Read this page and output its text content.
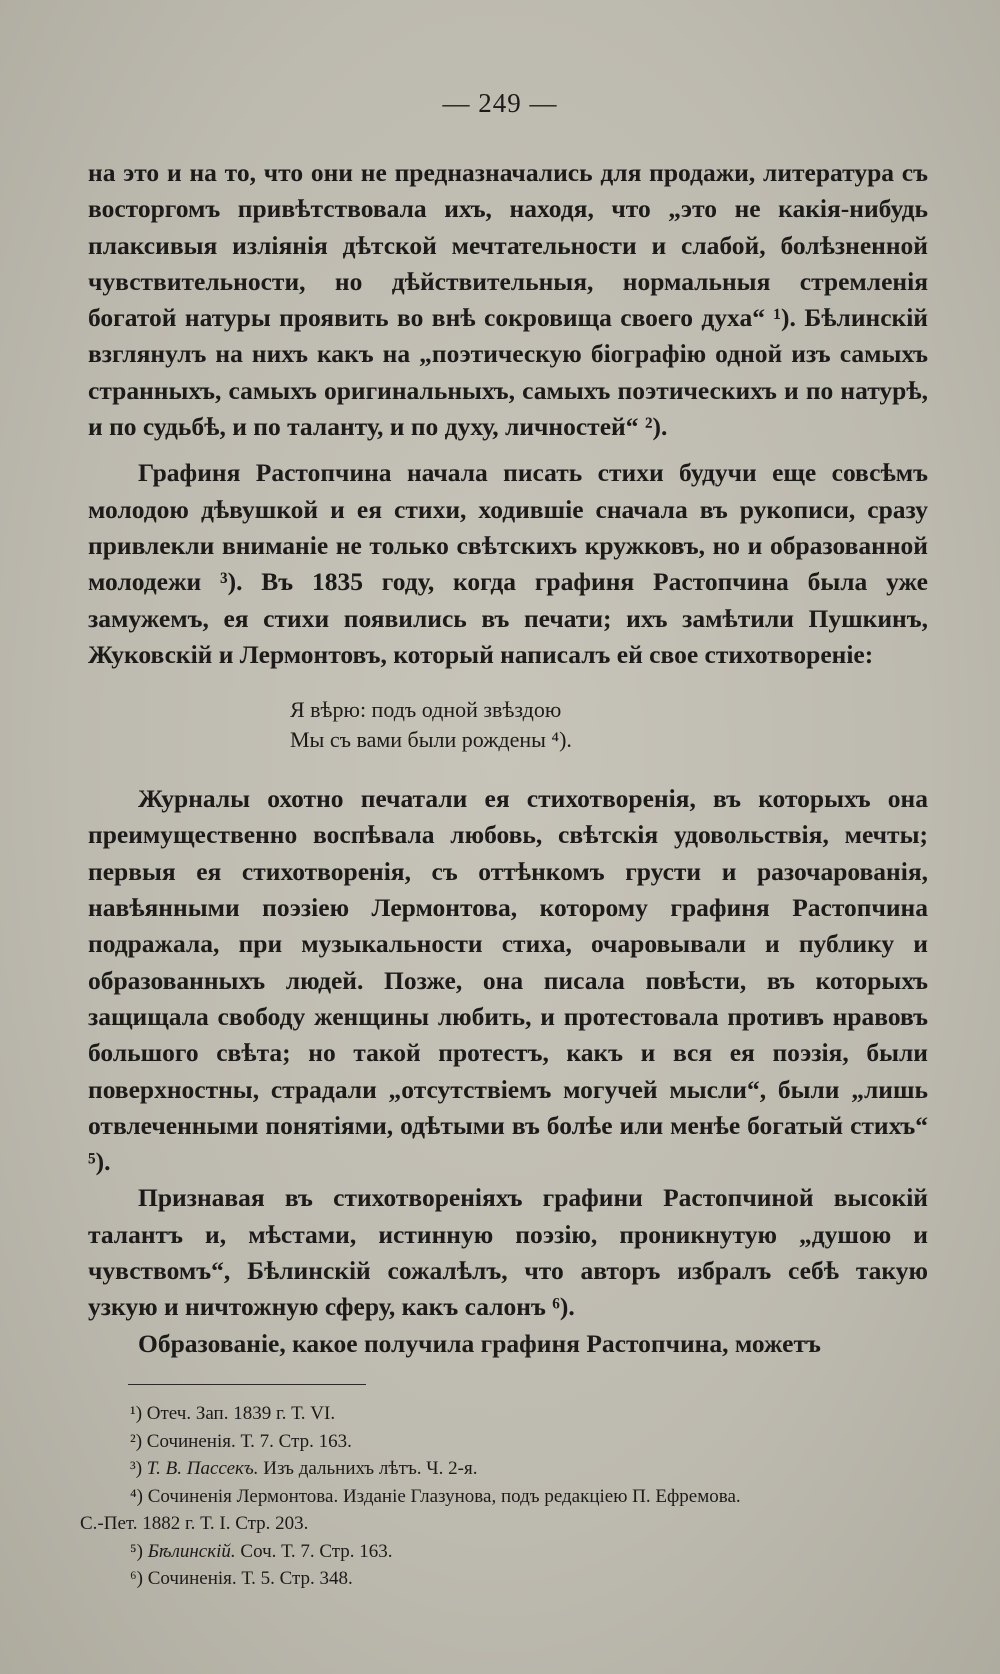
— 249 —

на это и на то, что они не предназначались для продажи, литература съ восторгомъ привѣтствовала ихъ, находя, что „это не какія-нибудь плаксивыя изліянія дѣтской мечтательности и слабой, болѣзненной чувствительности, но дѣйствительныя, нормальныя стремленія богатой натуры проявить во внѣ сокровища своего духа“ ¹). Бѣлинскій взглянулъ на нихъ какъ на „поэтическую біографію одной изъ самыхъ странныхъ, самыхъ оригинальныхъ, самыхъ поэтическихъ и по натурѣ, и по судьбѣ, и по таланту, и по духу, личностей“ ²).

Графиня Растопчина начала писать стихи будучи еще совсѣмъ молодою дѣвушкой и ея стихи, ходившіе сначала въ рукописи, сразу привлекли вниманіе не только свѣтскихъ кружковъ, но и образованной молодежи ³). Въ 1835 году, когда графиня Растопчина была уже замужемъ, ея стихи появились въ печати; ихъ замѣтили Пушкинъ, Жуковскій и Лермонтовъ, который написалъ ей свое стихотвореніе:

Я вѣрю: подъ одной звѣздою
Мы съ вами были рождены ⁴).

Журналы охотно печатали ея стихотворенія, въ которыхъ она преимущественно воспѣвала любовь, свѣтскія удовольствія, мечты; первыя ея стихотворенія, съ оттѣнкомъ грусти и разочарованія, навѣянными поэзіею Лермонтова, которому графиня Растопчина подражала, при музыкальности стиха, очаровывали и публику и образованныхъ людей. Позже, она писала повѣсти, въ которыхъ защищала свободу женщины любить, и протестовала противъ нравовъ большого свѣта; но такой протестъ, какъ и вся ея поэзія, были поверхностны, страдали „отсутствіемъ могучей мысли“, были „лишь отвлеченными понятіями, одѣтыми въ болѣе или менѣе богатый стихъ“ ⁵).

Признавая въ стихотвореніяхъ графини Растопчиной высокій талантъ и, мѣстами, истинную поэзію, проникнутую „душою и чувствомъ“, Бѣлинскій сожалѣлъ, что авторъ избралъ себѣ такую узкую и ничтожную сферу, какъ салонъ ⁶).

Образованіе, какое получила графиня Растопчина, можетъ

¹) Отеч. Зап. 1839 г. Т. VI.
²) Сочиненія. Т. 7. Стр. 163.
³) Т. В. Пассекъ. Изъ дальнихъ лѣтъ. Ч. 2-я.
⁴) Сочиненія Лермонтова. Изданіе Глазунова, подъ редакціею П. Ефремова.
С.-Пет. 1882 г. Т. I. Стр. 203.
⁵) Бѣлинскій. Соч. Т. 7. Стр. 163.
⁶) Сочиненія. Т. 5. Стр. 348.
